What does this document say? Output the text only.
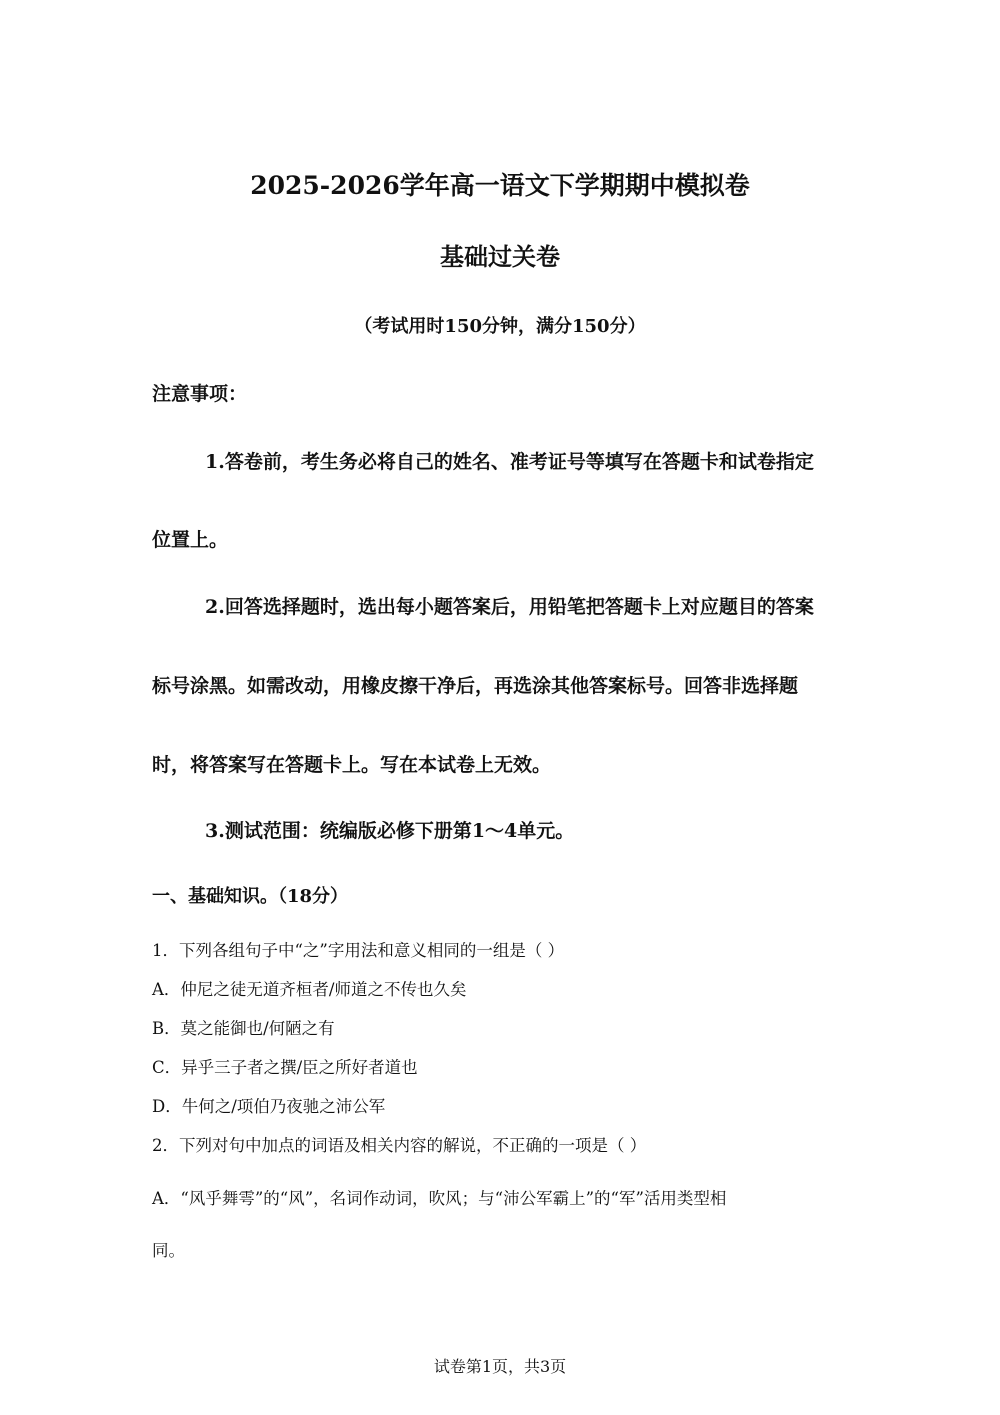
2025-2026学年高一语文下学期期中模拟卷
基础过关卷
（考试用时150分钟，满分150分）
注意事项：
1.答卷前，考生务必将自己的姓名、准考证号等填写在答题卡和试卷指定
位置上。
2.回答选择题时，选出每小题答案后，用铅笔把答题卡上对应题目的答案
标号涂黑。如需改动，用橡皮擦干净后，再选涂其他答案标号。回答非选择题
时，将答案写在答题卡上。写在本试卷上无效。
3.测试范围：统编版必修下册第1～4单元。
一、基础知识。（18分）
1．下列各组句子中“之”字用法和意义相同的一组是（ ）
A．仲尼之徒无道齐桓者/师道之不传也久矣
B．莫之能御也/何陋之有
C．异乎三子者之撰/臣之所好者道也
D．牛何之/项伯乃夜驰之沛公军
2．下列对句中加点的词语及相关内容的解说，不正确的一项是（ ）
A．“风乎舞雩”的“风”，名词作动词，吹风；与“沛公军霸上”的“军”活用类型相
同。
试卷第1页，共3页
